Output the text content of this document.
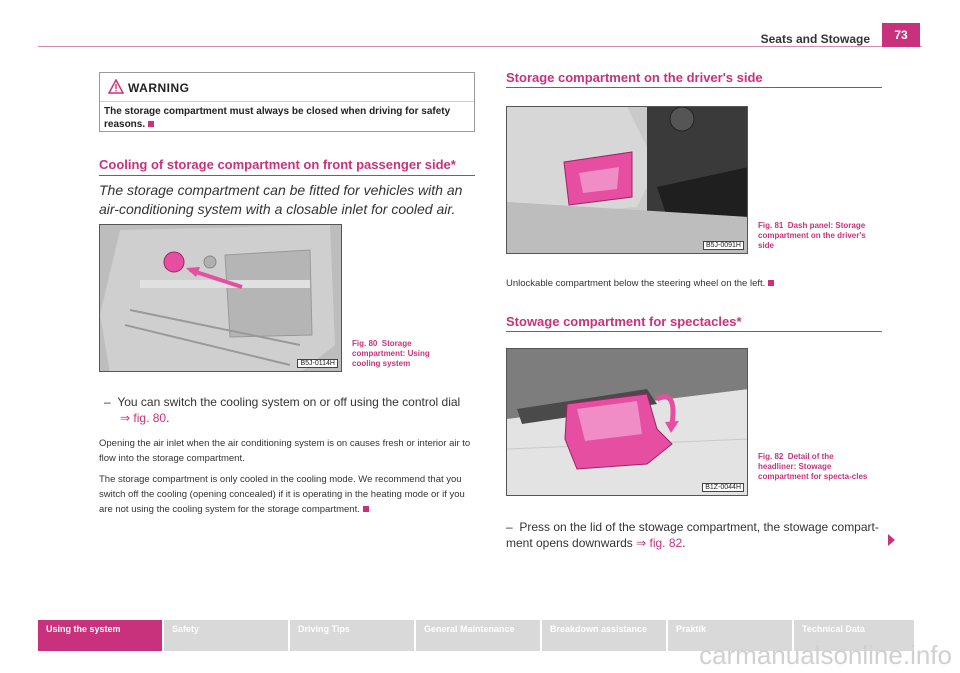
Seats and Stowage	73
WARNING
The storage compartment must always be closed when driving for safety reasons.
Cooling of storage compartment on front passenger side*
The storage compartment can be fitted for vehicles with an air-conditioning system with a closable inlet for cooled air.
B5J-0114H
Fig. 80 Storage compartment: Using cooling system
–  You can switch the cooling system on or off using the control dial
⇒ fig. 80.
Opening the air inlet when the air conditioning system is on causes fresh or interior air to flow into the storage compartment.
The storage compartment is only cooled in the cooling mode. We recommend that you switch off the cooling (opening concealed) if it is operating in the heating mode or if you are not using the cooling system for the storage compartment.
Storage compartment on the driver's side
B5J-0091H
Fig. 81 Dash panel: Storage compartment on the driver's side
Unlockable compartment below the steering wheel on the left.
Stowage compartment for spectacles*
B1Z-0044H
Fig. 82 Detail of the headliner: Stowage compartment for specta-cles
–  Press on the lid of the stowage compartment, the stowage compart-ment opens downwards ⇒ fig. 82.
Using the system	Safety	Driving Tips	General Maintenance	Breakdown assistance	Praktik	Technical Data
carmanualsonline.info
